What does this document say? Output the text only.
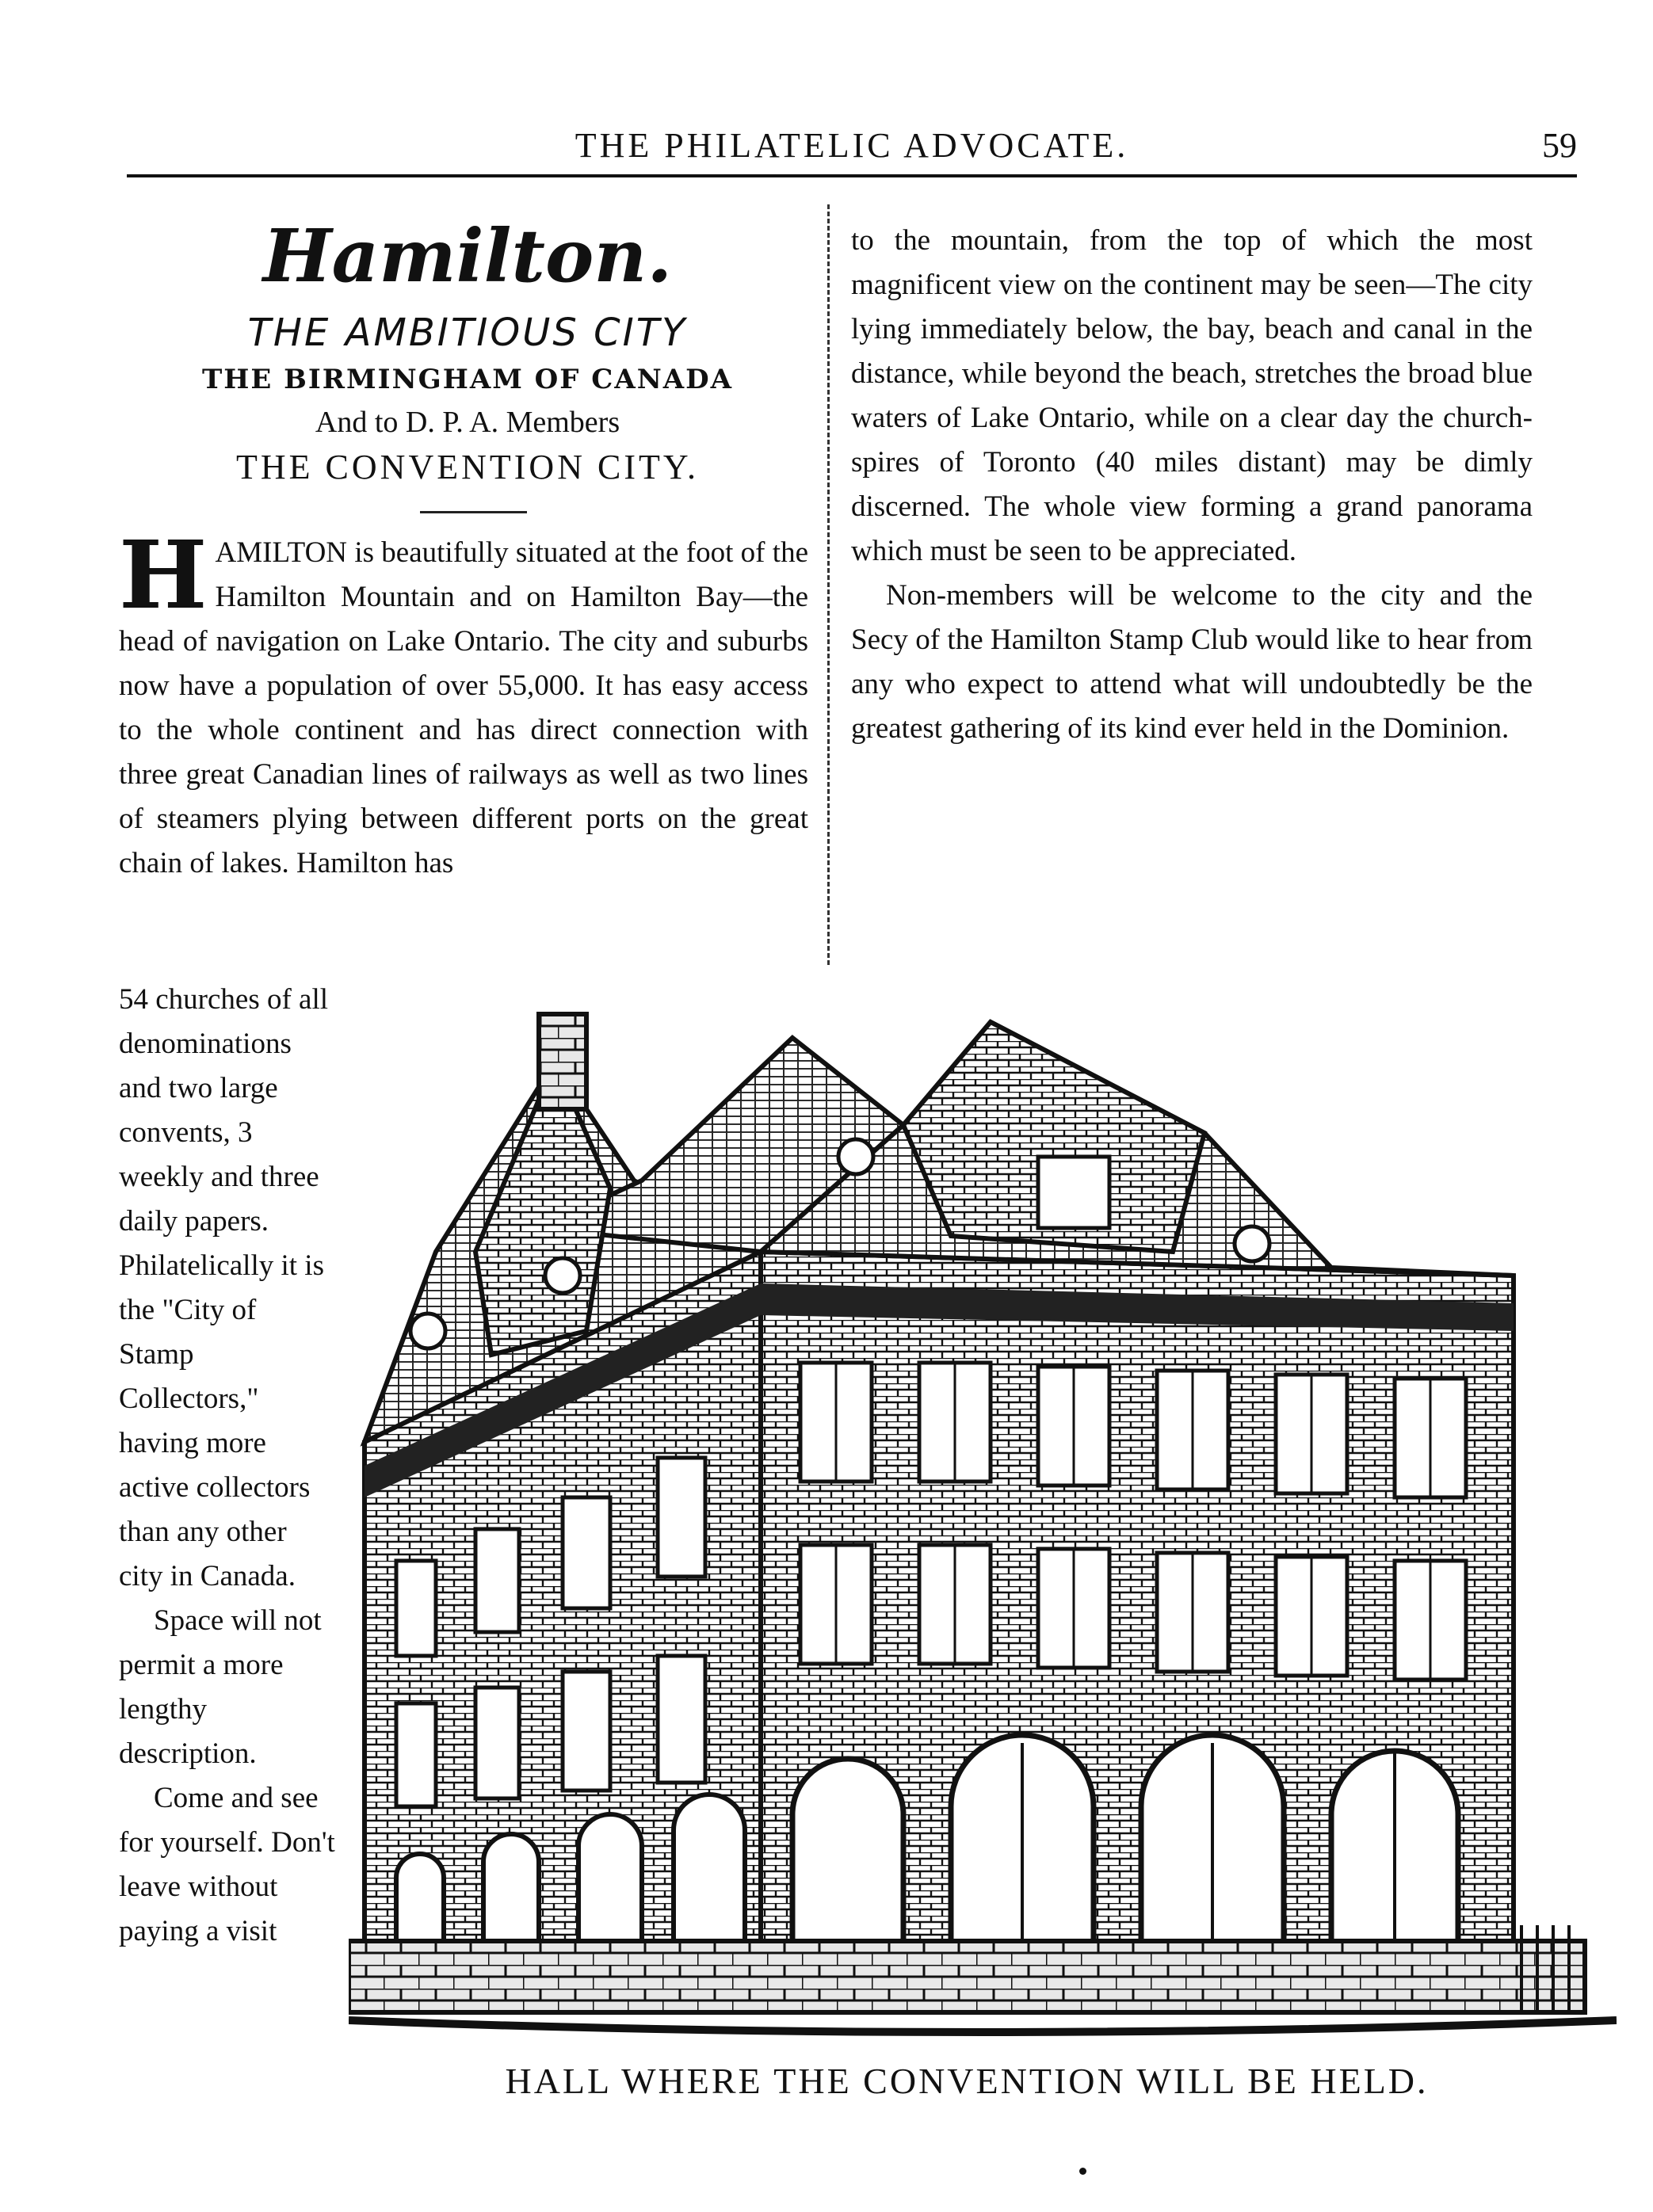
THE PHILATELIC ADVOCATE.	59
Hamilton.
THE AMBITIOUS CITY
THE BIRMINGHAM OF CANADA
And to D. P. A. Members
THE CONVENTION CITY.
H AMILTON is beautifully situated at the foot of the Hamilton Mountain and on Hamilton Bay—the head of navigation on Lake Ontario. The city and suburbs now have a population of over 55,000. It has easy access to the whole continent and has direct connection with three great Canadian lines of railways as well as two lines of steamers plying between different ports on the great chain of lakes. Hamilton has

to the mountain, from the top of which the most magnificent view on the continent may be seen—The city lying immediately below, the bay, beach and canal in the distance, while beyond the beach, stretches the broad blue waters of Lake Ontario, while on a clear day the church-spires of Toronto (40 miles distant) may be dimly discerned. The whole view forming a grand panorama which must be seen to be appreciated.

Non-members will be welcome to the city and the Secy of the Hamilton Stamp Club would like to hear from any who expect to attend what will undoubtedly be the greatest gathering of its kind ever held in the Dominion.

54 churches of all denominations and two large convents, 3 weekly and three daily papers. Philatelically it is the "City of Stamp Collectors," having more active collectors than any other city in Canada.

Space will not permit a more lengthy description.

Come and see for yourself. Don't leave without paying a visit

HALL WHERE THE CONVENTION WILL BE HELD.
